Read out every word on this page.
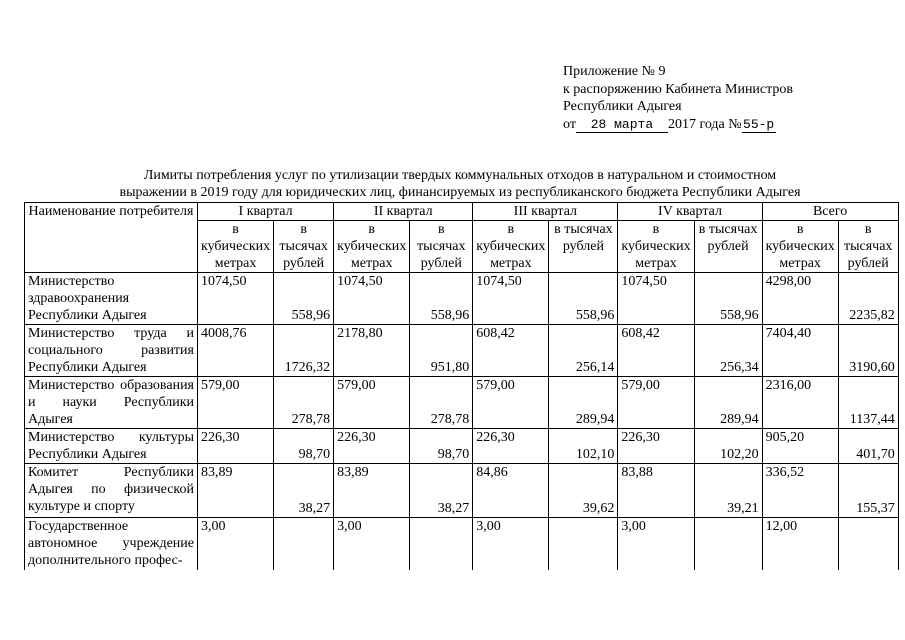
Приложение № 9
к распоряжению Кабинета Министров
Республики Адыгея
от 28 марта 2017 года №55-р
Лимиты потребления услуг по утилизации твердых коммунальных отходов в натуральном и стоимостном
выражении в 2019 году для юридических лиц, финансируемых из республиканского бюджета Республики Адыгея
Наименование потребителя	I квартал		II квартал		III квартал		IV квартал		Всего	
	в кубических метрах	в тысячах рублей	в кубических метрах	в тысячах рублей	в кубических метрах	в тысячах рублей	в кубических метрах	в тысячах рублей	в кубических метрах	в тысячах рублей
Министерство здравоохранения Республики Адыгея	1074,50	558,96	1074,50	558,96	1074,50	558,96	1074,50	558,96	4298,00	2235,82
Министерство труда и социального развития Республики Адыгея	4008,76	1726,32	2178,80	951,80	608,42	256,14	608,42	256,34	7404,40	3190,60
Министерство образования и науки Республики Адыгея	579,00	278,78	579,00	278,78	579,00	289,94	579,00	289,94	2316,00	1137,44
Министерство культуры Республики Адыгея	226,30	98,70	226,30	98,70	226,30	102,10	226,30	102,20	905,20	401,70
Комитет Республики Адыгея по физической культуре и спорту	83,89	38,27	83,89	38,27	84,86	39,62	83,88	39,21	336,52	155,37
Государственное автономное учреждение дополнительного профес-	3,00		3,00		3,00		3,00		12,00	
